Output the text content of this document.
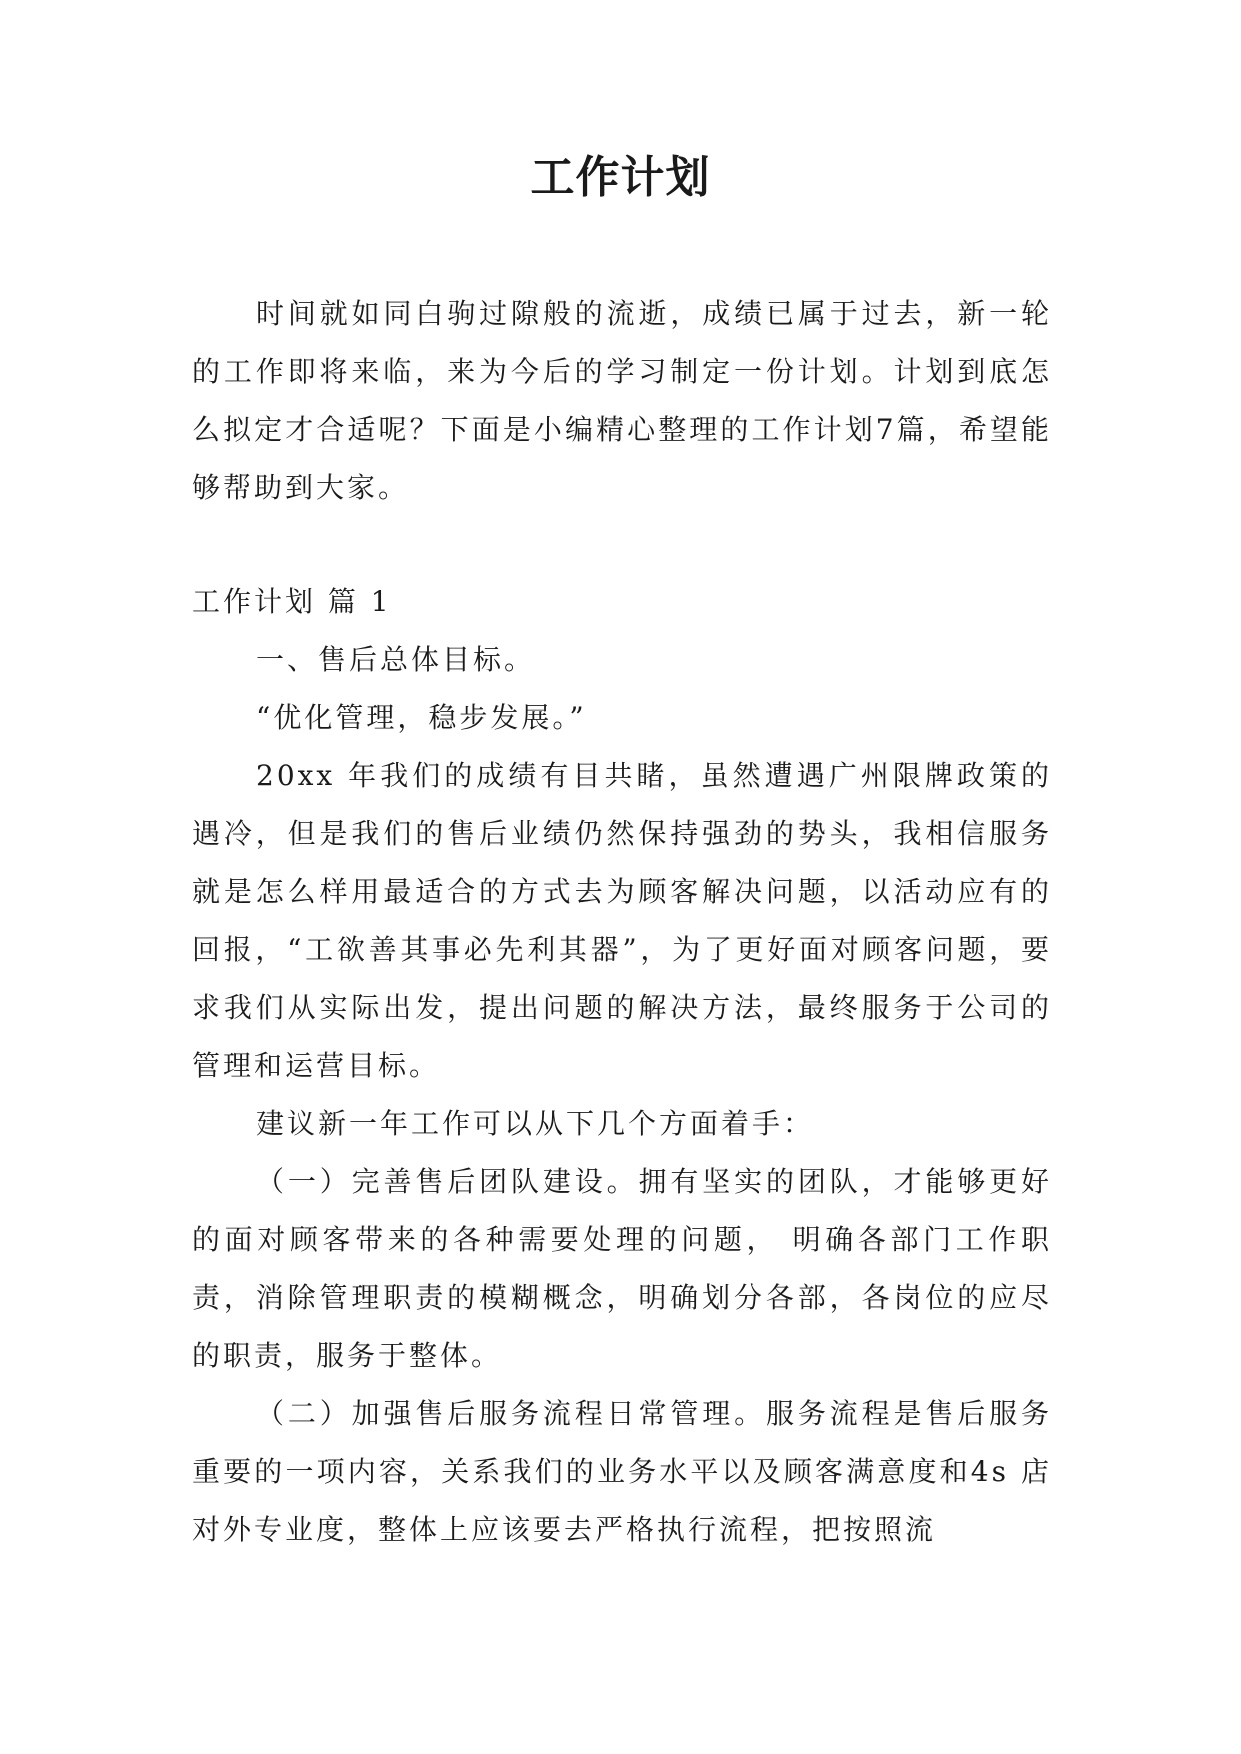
工作计划

时间就如同白驹过隙般的流逝，成绩已属于过去，新一轮的工作即将来临，来为今后的学习制定一份计划。计划到底怎么拟定才合适呢？下面是小编精心整理的工作计划7篇，希望能够帮助到大家。

工作计划 篇 1

一、售后总体目标。

“优化管理，稳步发展。”

20xx 年我们的成绩有目共睹，虽然遭遇广州限牌政策的遇冷，但是我们的售后业绩仍然保持强劲的势头，我相信服务就是怎么样用最适合的方式去为顾客解决问题，以活动应有的回报，“工欲善其事必先利其器”，为了更好面对顾客问题，要求我们从实际出发，提出问题的解决方法，最终服务于公司的管理和运营目标。

建议新一年工作可以从下几个方面着手：

（一）完善售后团队建设。拥有坚实的团队，才能够更好的面对顾客带来的各种需要处理的问题， 明确各部门工作职责，消除管理职责的模糊概念，明确划分各部，各岗位的应尽的职责，服务于整体。

（二）加强售后服务流程日常管理。服务流程是售后服务重要的一项内容，关系我们的业务水平以及顾客满意度和4s 店对外专业度，整体上应该要去严格执行流程，把按照流
